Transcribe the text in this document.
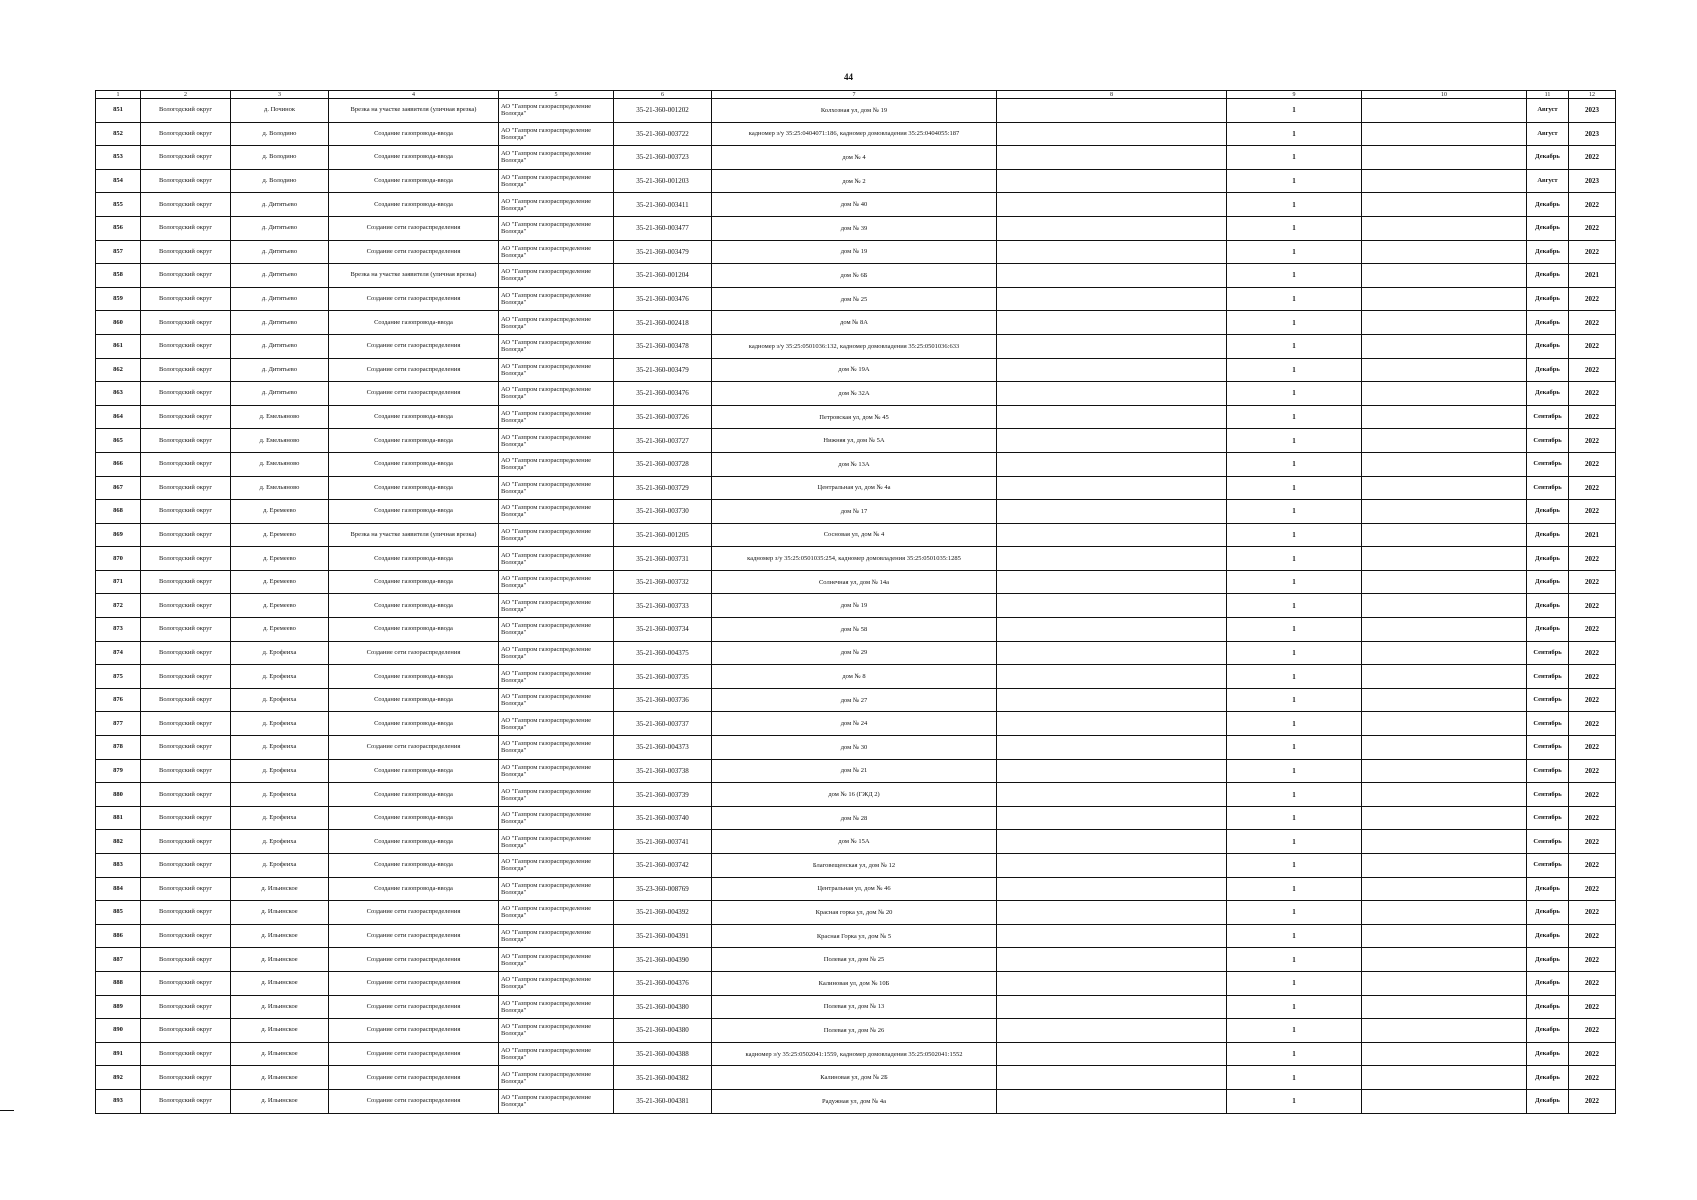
44
1	2	3	4	5	6	7	8	9	10	11	12
851	Вологодский округ	д. Починок	Врезка на участке заявителя (уличная врезка)	АО "Газпром газораспределение Вологда"	35-21-360-001202	Колхозная ул, дом № 19		1		Август	2023
852	Вологодский округ	д. Володино	Создание газопровода-ввода	АО "Газпром газораспределение Вологда"	35-21-360-003722	кадномер з/у 35:25:0404071:186, кадномер домовладения 35:25:0404055:187		1		Август	2023
853	Вологодский округ	д. Володино	Создание газопровода-ввода	АО "Газпром газораспределение Вологда"	35-21-360-003723	дом № 4		1		Декабрь	2022
854	Вологодский округ	д. Володино	Создание газопровода-ввода	АО "Газпром газораспределение Вологда"	35-21-360-001203	дом № 2		1		Август	2023
855	Вологодский округ	д. Дитятьево	Создание газопровода-ввода	АО "Газпром газораспределение Вологда"	35-21-360-003411	дом № 40		1		Декабрь	2022
856	Вологодский округ	д. Дитятьево	Создание сети газораспределения	АО "Газпром газораспределение Вологда"	35-21-360-003477	дом № 39		1		Декабрь	2022
857	Вологодский округ	д. Дитятьево	Создание сети газораспределения	АО "Газпром газораспределение Вологда"	35-21-360-003479	дом № 19		1		Декабрь	2022
858	Вологодский округ	д. Дитятьево	Врезка на участке заявителя (уличная врезка)	АО "Газпром газораспределение Вологда"	35-21-360-001204	дом № 6Б		1		Декабрь	2021
859	Вологодский округ	д. Дитятьево	Создание сети газораспределения	АО "Газпром газораспределение Вологда"	35-21-360-003476	дом № 25		1		Декабрь	2022
860	Вологодский округ	д. Дитятьево	Создание газопровода-ввода	АО "Газпром газораспределение Вологда"	35-21-360-002418	дом № 8А		1		Декабрь	2022
861	Вологодский округ	д. Дитятьево	Создание сети газораспределения	АО "Газпром газораспределение Вологда"	35-21-360-003478	кадномер з/у 35:25:0501036:132, кадномер домовладения 35:25:0501036:633		1		Декабрь	2022
862	Вологодский округ	д. Дитятьево	Создание сети газораспределения	АО "Газпром газораспределение Вологда"	35-21-360-003479	дом № 19А		1		Декабрь	2022
863	Вологодский округ	д. Дитятьево	Создание сети газораспределения	АО "Газпром газораспределение Вологда"	35-21-360-003476	дом № 32А		1		Декабрь	2022
864	Вологодский округ	д. Емельяново	Создание газопровода-ввода	АО "Газпром газораспределение Вологда"	35-21-360-003726	Петровская ул, дом № 45		1		Сентябрь	2022
865	Вологодский округ	д. Емельяново	Создание газопровода-ввода	АО "Газпром газораспределение Вологда"	35-21-360-003727	Нижняя ул, дом № 5А		1		Сентябрь	2022
866	Вологодский округ	д. Емельяново	Создание газопровода-ввода	АО "Газпром газораспределение Вологда"	35-21-360-003728	дом № 13А		1		Сентябрь	2022
867	Вологодский округ	д. Емельяново	Создание газопровода-ввода	АО "Газпром газораспределение Вологда"	35-21-360-003729	Центральная ул, дом № 4а		1		Сентябрь	2022
868	Вологодский округ	д. Еремеево	Создание газопровода-ввода	АО "Газпром газораспределение Вологда"	35-21-360-003730	дом № 17		1		Декабрь	2022
869	Вологодский округ	д. Еремеево	Врезка на участке заявителя (уличная врезка)	АО "Газпром газораспределение Вологда"	35-21-360-001205	Сосновая ул, дом № 4		1		Декабрь	2021
870	Вологодский округ	д. Еремеево	Создание газопровода-ввода	АО "Газпром газораспределение Вологда"	35-21-360-003731	кадномер з/у 35:25:0501035:254, кадномер домовладения 35:25:0501035:1285		1		Декабрь	2022
871	Вологодский округ	д. Еремеево	Создание газопровода-ввода	АО "Газпром газораспределение Вологда"	35-21-360-003732	Солнечная ул, дом № 14а		1		Декабрь	2022
872	Вологодский округ	д. Еремеево	Создание газопровода-ввода	АО "Газпром газораспределение Вологда"	35-21-360-003733	дом № 19		1		Декабрь	2022
873	Вологодский округ	д. Еремеево	Создание газопровода-ввода	АО "Газпром газораспределение Вологда"	35-21-360-003734	дом № 58		1		Декабрь	2022
874	Вологодский округ	д. Ерофеиха	Создание сети газораспределения	АО "Газпром газораспределение Вологда"	35-21-360-004375	дом № 29		1		Сентябрь	2022
875	Вологодский округ	д. Ерофеиха	Создание газопровода-ввода	АО "Газпром газораспределение Вологда"	35-21-360-003735	дом № 8		1		Сентябрь	2022
876	Вологодский округ	д. Ерофеиха	Создание газопровода-ввода	АО "Газпром газораспределение Вологда"	35-21-360-003736	дом № 27		1		Сентябрь	2022
877	Вологодский округ	д. Ерофеиха	Создание газопровода-ввода	АО "Газпром газораспределение Вологда"	35-21-360-003737	дом № 24		1		Сентябрь	2022
878	Вологодский округ	д. Ерофеиха	Создание сети газораспределения	АО "Газпром газораспределение Вологда"	35-21-360-004373	дом № 30		1		Сентябрь	2022
879	Вологодский округ	д. Ерофеиха	Создание газопровода-ввода	АО "Газпром газораспределение Вологда"	35-21-360-003738	дом № 21		1		Сентябрь	2022
880	Вологодский округ	д. Ерофеиха	Создание газопровода-ввода	АО "Газпром газораспределение Вологда"	35-21-360-003739	дом № 16 (ГЖД 2)		1		Сентябрь	2022
881	Вологодский округ	д. Ерофеиха	Создание газопровода-ввода	АО "Газпром газораспределение Вологда"	35-21-360-003740	дом № 28		1		Сентябрь	2022
882	Вологодский округ	д. Ерофеиха	Создание газопровода-ввода	АО "Газпром газораспределение Вологда"	35-21-360-003741	дом № 15А		1		Сентябрь	2022
883	Вологодский округ	д. Ерофеиха	Создание газопровода-ввода	АО "Газпром газораспределение Вологда"	35-21-360-003742	Благовещенская ул, дом № 12		1		Сентябрь	2022
884	Вологодский округ	д. Ильинское	Создание газопровода-ввода	АО "Газпром газораспределение Вологда"	35-23-360-008769	Центральная ул, дом № 46		1		Декабрь	2022
885	Вологодский округ	д. Ильинское	Создание сети газораспределения	АО "Газпром газораспределение Вологда"	35-21-360-004392	Красная горка ул, дом № 20		1		Декабрь	2022
886	Вологодский округ	д. Ильинское	Создание сети газораспределения	АО "Газпром газораспределение Вологда"	35-21-360-004391	Красная Горка ул, дом № 5		1		Декабрь	2022
887	Вологодский округ	д. Ильинское	Создание сети газораспределения	АО "Газпром газораспределение Вологда"	35-21-360-004390	Полевая ул, дом № 25		1		Декабрь	2022
888	Вологодский округ	д. Ильинское	Создание сети газораспределения	АО "Газпром газораспределение Вологда"	35-21-360-004376	Калиновая ул, дом № 10Б		1		Декабрь	2022
889	Вологодский округ	д. Ильинское	Создание сети газораспределения	АО "Газпром газораспределение Вологда"	35-21-360-004380	Полевая ул, дом № 13		1		Декабрь	2022
890	Вологодский округ	д. Ильинское	Создание сети газораспределения	АО "Газпром газораспределение Вологда"	35-21-360-004380	Полевая ул, дом № 26		1		Декабрь	2022
891	Вологодский округ	д. Ильинское	Создание сети газораспределения	АО "Газпром газораспределение Вологда"	35-21-360-004388	кадномер з/у 35:25:0502041:1559, кадномер домовладения 35:25:0502041:1552		1		Декабрь	2022
892	Вологодский округ	д. Ильинское	Создание сети газораспределения	АО "Газпром газораспределение Вологда"	35-21-360-004382	Калиновая ул, дом № 2Б		1		Декабрь	2022
893	Вологодский округ	д. Ильинское	Создание сети газораспределения	АО "Газпром газораспределение Вологда"	35-21-360-004381	Радужная ул, дом № 4а		1		Декабрь	2022
